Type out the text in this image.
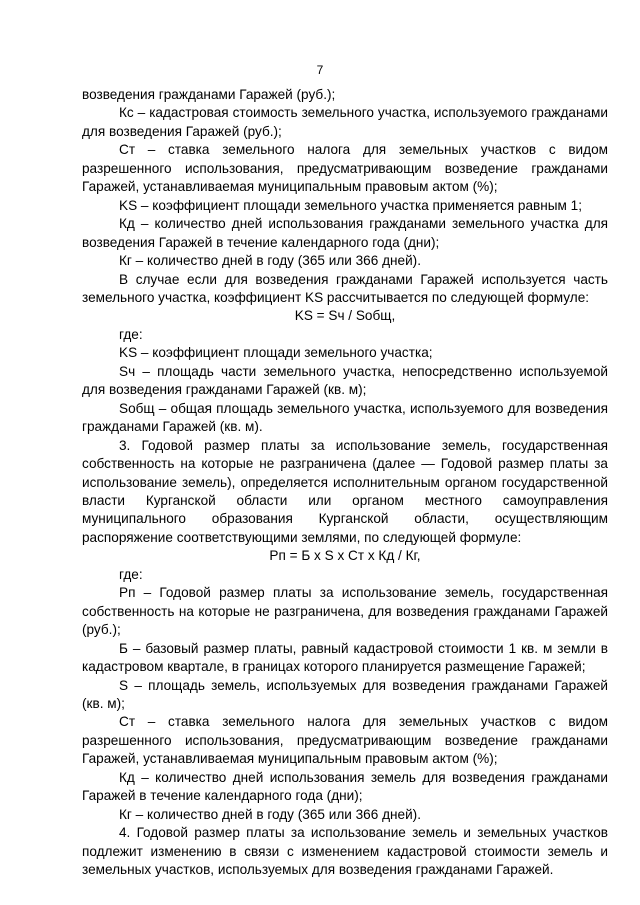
7

возведения гражданами Гаражей (руб.);

Кс – кадастровая стоимость земельного участка, используемого гражданами для возведения Гаражей (руб.);

Ст – ставка земельного налога для земельных участков с видом разрешенного использования, предусматривающим возведение гражданами Гаражей, устанавливаемая муниципальным правовым актом (%);

KS – коэффициент площади земельного участка применяется равным 1;

Кд – количество дней использования гражданами земельного участка для возведения Гаражей в течение календарного года (дни);

Кг – количество дней в году (365 или 366 дней).

В случае если для возведения гражданами Гаражей используется часть земельного участка, коэффициент KS рассчитывается по следующей формуле:

KS = Sч / Sобщ,

где:

KS – коэффициент площади земельного участка;

Sч – площадь части земельного участка, непосредственно используемой для возведения гражданами Гаражей (кв. м);

Sобщ – общая площадь земельного участка, используемого для возведения гражданами Гаражей (кв. м).

3. Годовой размер платы за использование земель, государственная собственность на которые не разграничена (далее — Годовой размер платы за использование земель), определяется исполнительным органом государственной власти Курганской области или органом местного самоуправления муниципального образования Курганской области, осуществляющим распоряжение соответствующими землями, по следующей формуле:

Рп = Б х S х Ст х Кд / Кг,

где:

Рп – Годовой размер платы за использование земель, государственная собственность на которые не разграничена, для возведения гражданами Гаражей (руб.);

Б – базовый размер платы, равный кадастровой стоимости 1 кв. м земли в кадастровом квартале, в границах которого планируется размещение Гаражей;

S – площадь земель, используемых для возведения гражданами Гаражей (кв. м);

Ст – ставка земельного налога для земельных участков с видом разрешенного использования, предусматривающим возведение гражданами Гаражей, устанавливаемая муниципальным правовым актом (%);

Кд – количество дней использования земель для возведения гражданами Гаражей в течение календарного года (дни);

Кг – количество дней в году (365 или 366 дней).

4. Годовой размер платы за использование земель и земельных участков подлежит изменению в связи с изменением кадастровой стоимости земель и земельных участков, используемых для возведения гражданами Гаражей.
